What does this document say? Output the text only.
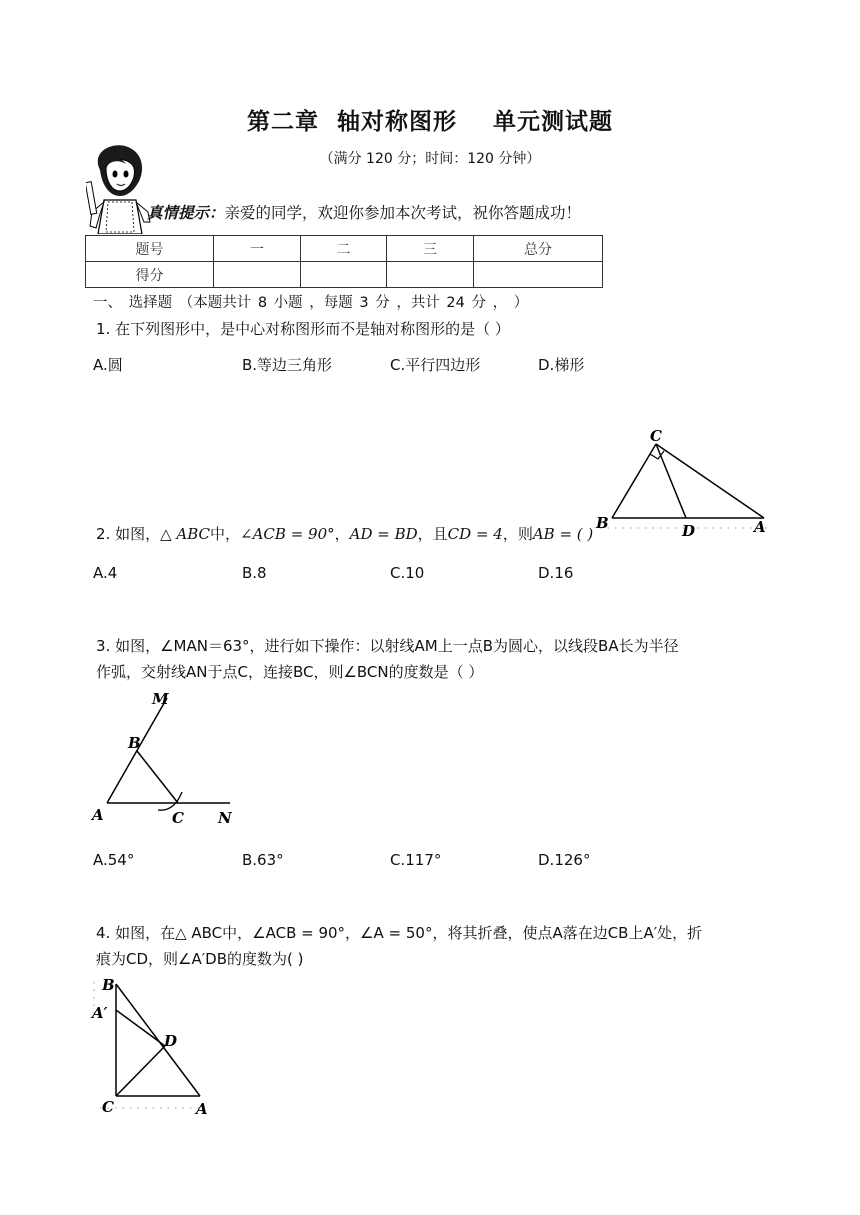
第二章  轴对称图形    单元测试题
（满分 120 分；时间：120 分钟）
真情提示：亲爱的同学，欢迎你参加本次考试，祝你答题成功！
题号	一	二	三	总分
得分				
一、 选择题 （本题共计 8 小题 ，每题 3 分 ，共计 24 分 ， ）
1. 在下列图形中，是中心对称图形而不是轴对称图形的是（ ）
A.圆	B.等边三角形	C.平行四边形	D.梯形
C
B	D	A
2. 如图，△ ABC中，∠ACB = 90°，AD = BD，且CD = 4，则AB = ( )
A.4	B.8	C.10	D.16
3. 如图，∠MAN＝63°，进行如下操作：以射线AM上一点B为圆心，以线段BA长为半径
作弧，交射线AN于点C，连接BC，则∠BCN的度数是（ ）
M
B
A	C N
A.54°	B.63°	C.117°	D.126°
4. 如图，在△ ABC中，∠ACB = 90°，∠A = 50°，将其折叠，使点A落在边CB上A′处，折
痕为CD，则∠A′DB的度数为( )
B
A′
D
C	A
